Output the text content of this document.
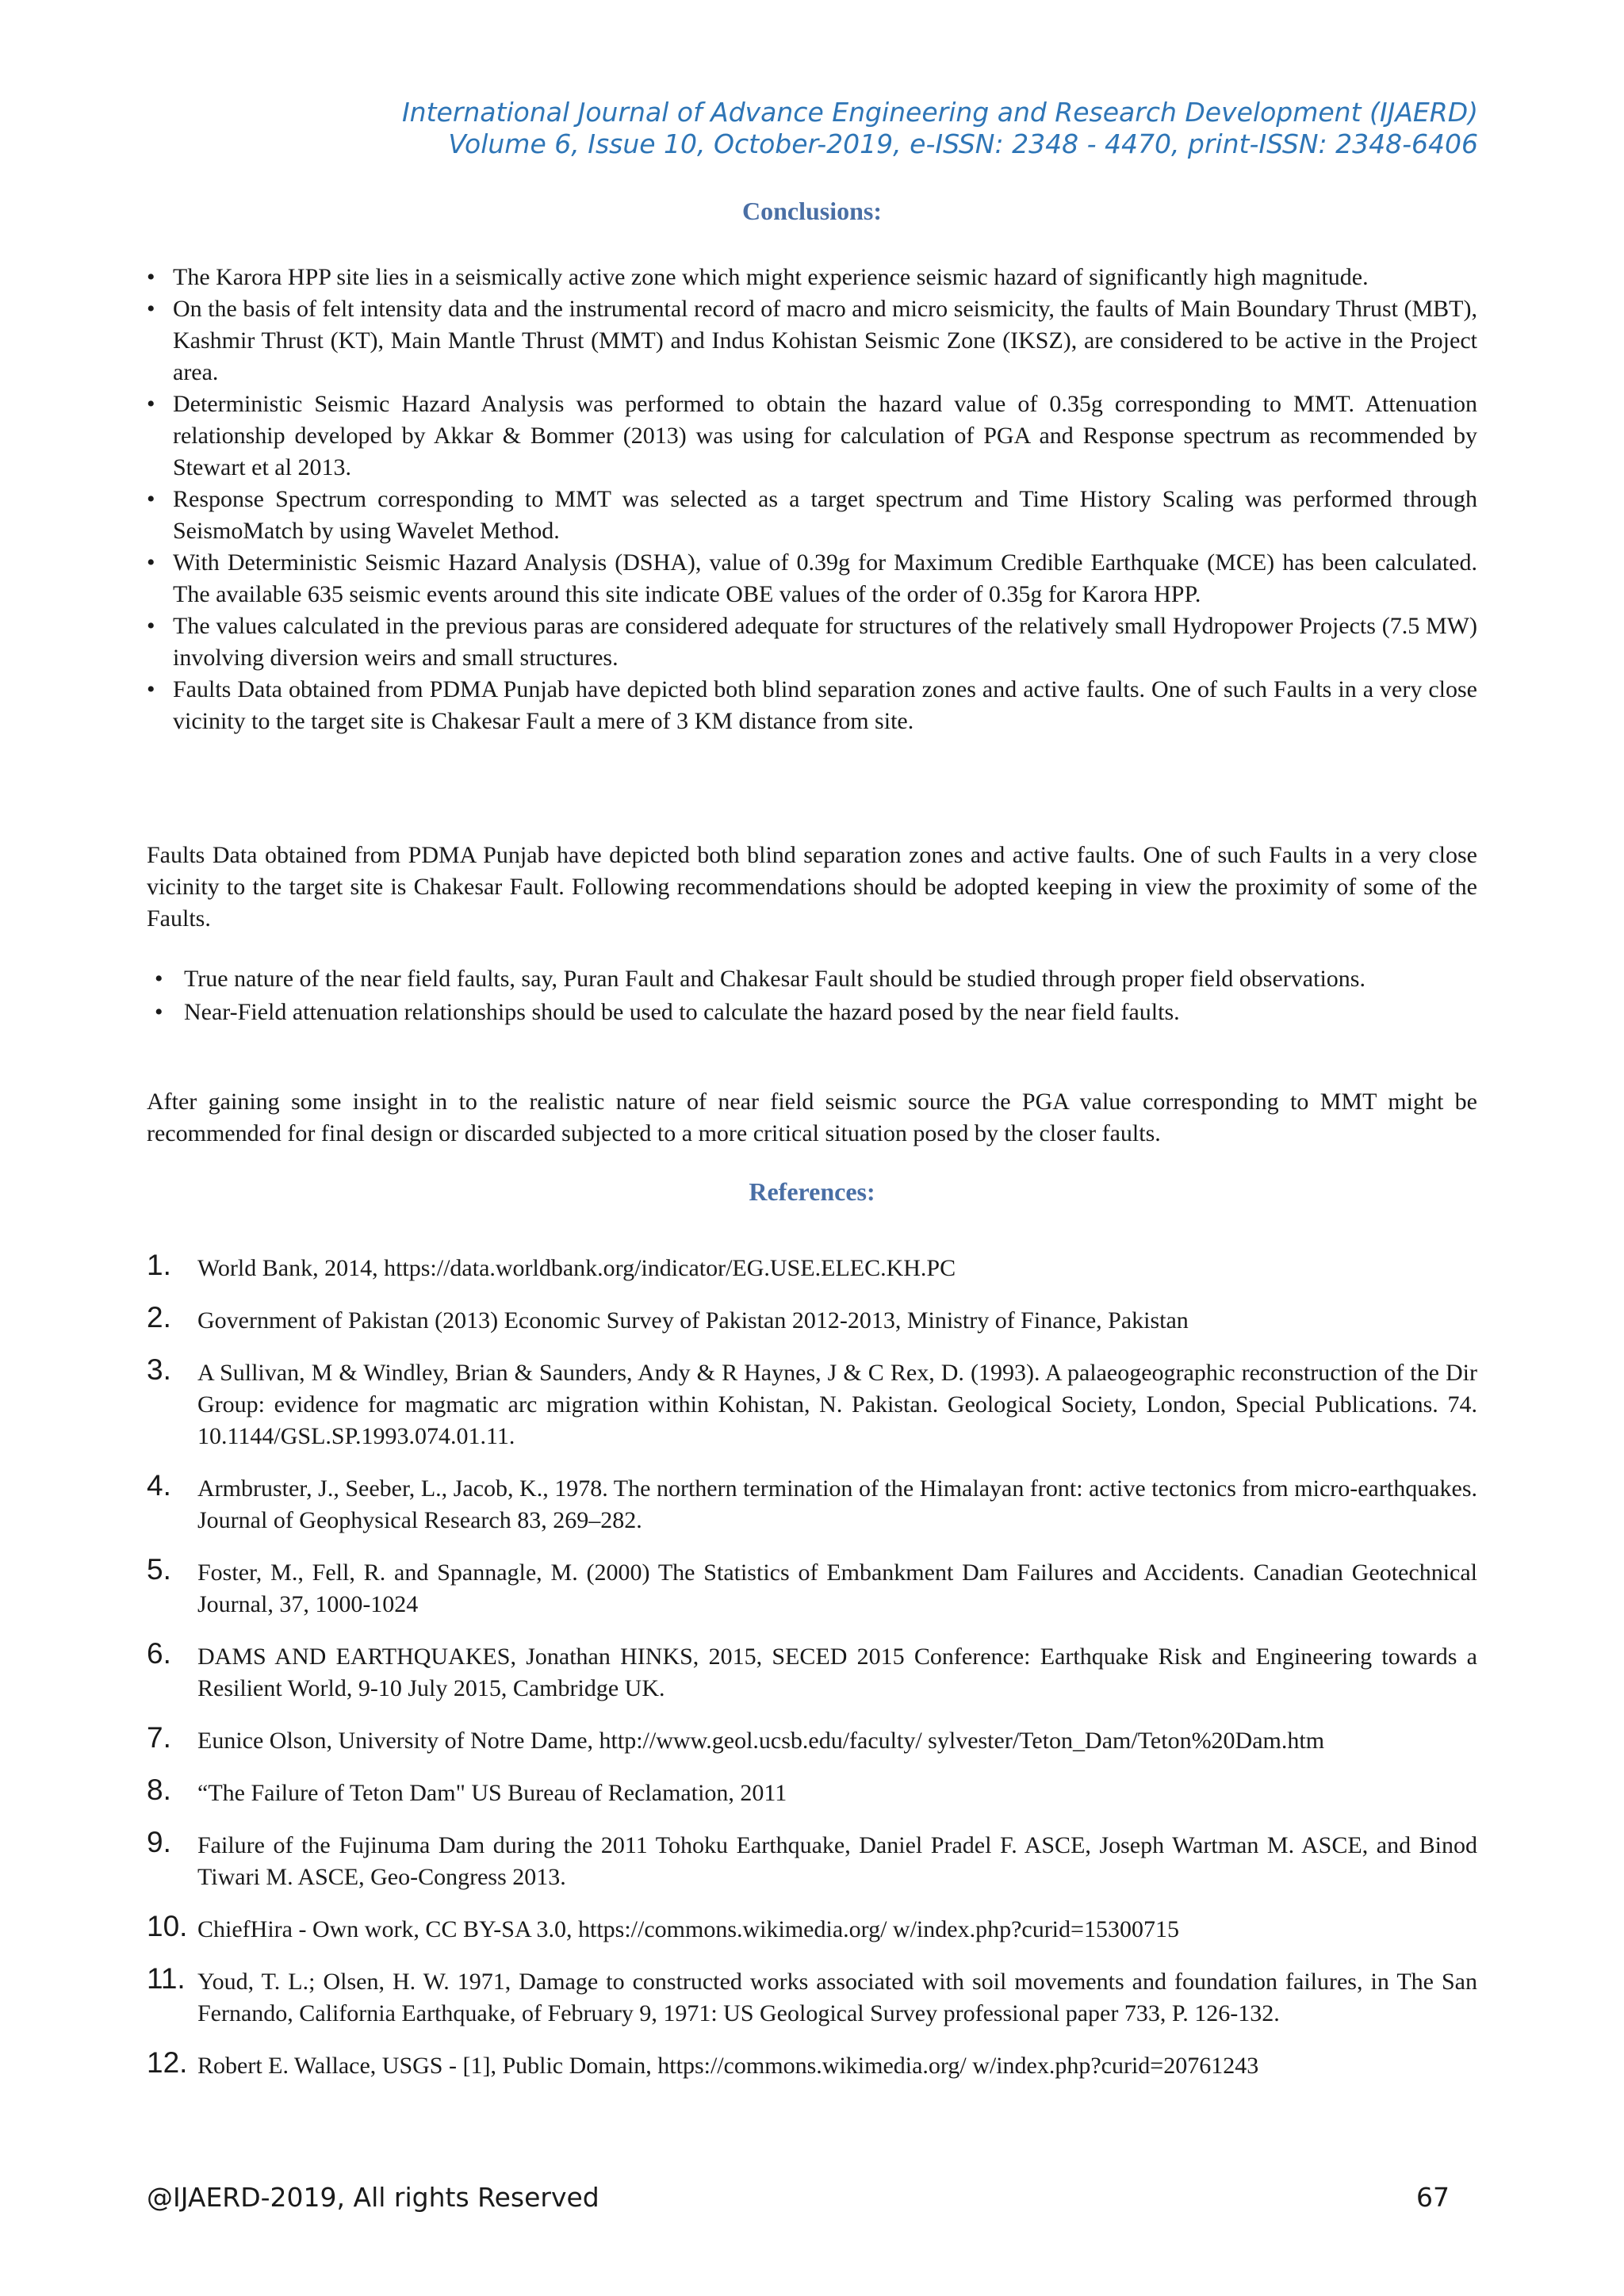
International Journal of Advance Engineering and Research Development (IJAERD)
Volume 6, Issue 10, October-2019, e-ISSN: 2348 - 4470, print-ISSN: 2348-6406
Conclusions:
• The Karora HPP site lies in a seismically active zone which might experience seismic hazard of significantly high magnitude.
• On the basis of felt intensity data and the instrumental record of macro and micro seismicity, the faults of Main Boundary Thrust (MBT), Kashmir Thrust (KT), Main Mantle Thrust (MMT) and Indus Kohistan Seismic Zone (IKSZ), are considered to be active in the Project area.
• Deterministic Seismic Hazard Analysis was performed to obtain the hazard value of 0.35g corresponding to MMT. Attenuation relationship developed by Akkar & Bommer (2013) was using for calculation of PGA and Response spectrum as recommended by Stewart et al 2013.
• Response Spectrum corresponding to MMT was selected as a target spectrum and Time History Scaling was performed through SeismoMatch by using Wavelet Method.
• With Deterministic Seismic Hazard Analysis (DSHA), value of 0.39g for Maximum Credible Earthquake (MCE) has been calculated. The available 635 seismic events around this site indicate OBE values of the order of 0.35g for Karora HPP.
• The values calculated in the previous paras are considered adequate for structures of the relatively small Hydropower Projects (7.5 MW) involving diversion weirs and small structures.
• Faults Data obtained from PDMA Punjab have depicted both blind separation zones and active faults. One of such Faults in a very close vicinity to the target site is Chakesar Fault a mere of 3 KM distance from site.

Faults Data obtained from PDMA Punjab have depicted both blind separation zones and active faults. One of such Faults in a very close vicinity to the target site is Chakesar Fault. Following recommendations should be adopted keeping in view the proximity of some of the Faults.

• True nature of the near field faults, say, Puran Fault and Chakesar Fault should be studied through proper field observations.
• Near-Field attenuation relationships should be used to calculate the hazard posed by the near field faults.

After gaining some insight in to the realistic nature of near field seismic source the PGA value corresponding to MMT might be recommended for final design or discarded subjected to a more critical situation posed by the closer faults.

References:
1. World Bank, 2014, https://data.worldbank.org/indicator/EG.USE.ELEC.KH.PC
2. Government of Pakistan (2013) Economic Survey of Pakistan 2012-2013, Ministry of Finance, Pakistan
3. A Sullivan, M & Windley, Brian & Saunders, Andy & R Haynes, J & C Rex, D. (1993). A palaeogeographic reconstruction of the Dir Group: evidence for magmatic arc migration within Kohistan, N. Pakistan. Geological Society, London, Special Publications. 74. 10.1144/GSL.SP.1993.074.01.11.
4. Armbruster, J., Seeber, L., Jacob, K., 1978. The northern termination of the Himalayan front: active tectonics from micro-earthquakes. Journal of Geophysical Research 83, 269–282.
5. Foster, M., Fell, R. and Spannagle, M. (2000) The Statistics of Embankment Dam Failures and Accidents. Canadian Geotechnical Journal, 37, 1000-1024
6. DAMS AND EARTHQUAKES, Jonathan HINKS, 2015, SECED 2015 Conference: Earthquake Risk and Engineering towards a Resilient World, 9-10 July 2015, Cambridge UK.
7. Eunice Olson, University of Notre Dame, http://www.geol.ucsb.edu/faculty/ sylvester/Teton_Dam/Teton%20Dam.htm
8. “The Failure of Teton Dam" US Bureau of Reclamation, 2011
9. Failure of the Fujinuma Dam during the 2011 Tohoku Earthquake, Daniel Pradel F. ASCE, Joseph Wartman M. ASCE, and Binod Tiwari M. ASCE, Geo-Congress 2013.
10. ChiefHira - Own work, CC BY-SA 3.0, https://commons.wikimedia.org/ w/index.php?curid=15300715
11. Youd, T. L.; Olsen, H. W. 1971, Damage to constructed works associated with soil movements and foundation failures, in The San Fernando, California Earthquake, of February 9, 1971: US Geological Survey professional paper 733, P. 126-132.
12. Robert E. Wallace, USGS - [1], Public Domain, https://commons.wikimedia.org/ w/index.php?curid=20761243
@IJAERD-2019, All rights Reserved	67
